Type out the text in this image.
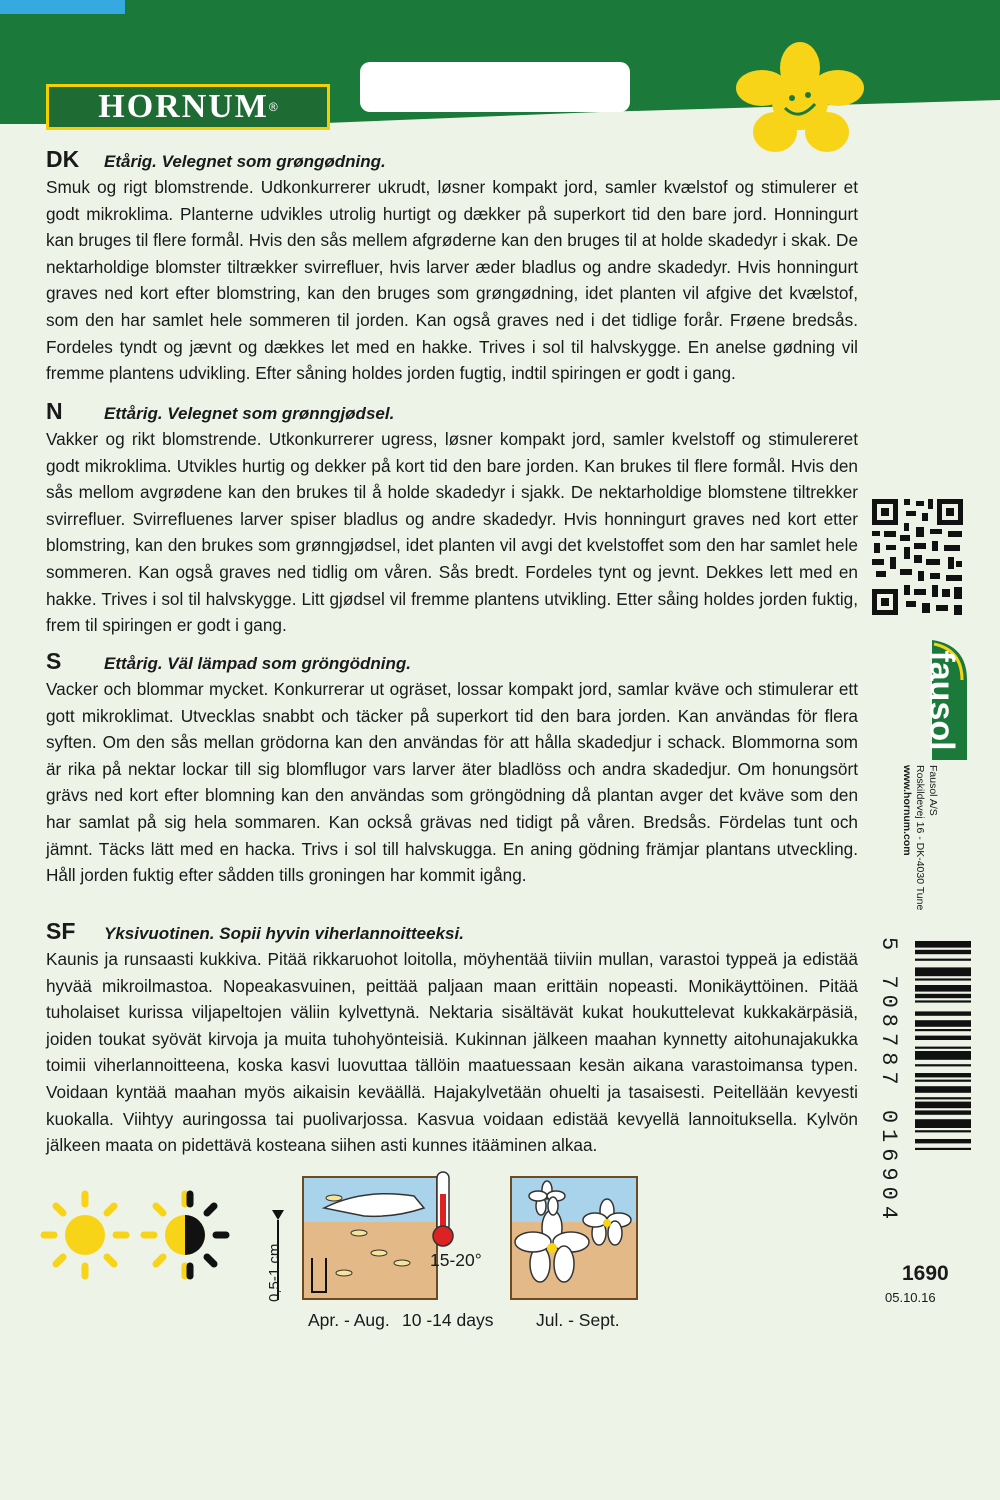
HORNUM ®
DK	Etårig. Velegnet som grøngødning.
Smuk og rigt blomstrende. Udkonkurrerer ukrudt, løsner kompakt jord, samler kvælstof og stimulerer et godt mikroklima. Planterne udvikles utrolig hurtigt og dækker på superkort tid den bare jord. Honningurt kan bruges til flere formål. Hvis den sås mellem afgrøderne kan den bruges til at holde skadedyr i skak. De nektarholdige blomster tiltrækker svirrefluer, hvis larver æder bladlus og andre skadedyr. Hvis honningurt graves ned kort efter blomstring, kan den bruges som grøngødning, idet planten vil afgive det kvælstof, som den har samlet hele sommeren til jorden. Kan også graves ned i det tidlige forår. Frøene bredsås. Fordeles tyndt og jævnt og dækkes let med en hakke. Trives i sol til halvskygge. En anelse gødning vil fremme plantens udvikling. Efter såning holdes jorden fugtig, indtil spiringen er godt i gang.
N	Ettårig. Velegnet som grønngjødsel.
Vakker og rikt blomstrende. Utkonkurrerer ugress, løsner kompakt jord, samler kvelstoff og stimulereret godt mikroklima. Utvikles hurtig og dekker på kort tid den bare jorden. Kan brukes til flere formål. Hvis den sås mellom avgrødene kan den brukes til å holde skadedyr i sjakk. De nektarholdige blomstene tiltrekker svirrefluer. Svirrefluenes larver spiser bladlus og andre skadedyr. Hvis honningurt graves ned kort etter blomstring, kan den brukes som grønngjødsel, idet planten vil avgi det kvelstoffet som den har samlet hele sommeren. Kan også graves ned tidlig om våren. Sås bredt. Fordeles tynt og jevnt. Dekkes lett med en hakke. Trives i sol til halvskygge. Litt gjødsel vil fremme plantens utvikling. Etter såing holdes jorden fuktig, frem til spiringen er godt i gang.
S	Ettårig. Väl lämpad som gröngödning.
Vacker och blommar mycket. Konkurrerar ut ogräset, lossar kompakt jord, samlar kväve och stimulerar ett gott mikroklimat. Utvecklas snabbt och täcker på superkort tid den bara jorden. Kan användas för flera syften. Om den sås mellan grödorna kan den användas för att hålla skadedjur i schack. Blommorna som är rika på nektar lockar till sig blomflugor vars larver äter bladlöss och andra skadedjur. Om honungsört grävs ned kort efter blomning kan den användas som gröngödning då plantan avger det kväve som den har samlat på sig hela sommaren. Kan också grävas ned tidigt på våren. Bredsås. Fördelas tunt och jämnt. Täcks lätt med en hacka. Trivs i sol till halvskugga. En aning gödning främjar plantans utveckling. Håll jorden fuktig efter sådden tills groningen har kommit igång.
SF	Yksivuotinen. Sopii hyvin viherlannoitteeksi.
Kaunis ja runsaasti kukkiva. Pitää rikkaruohot loitolla, möyhentää tiiviin mullan, varastoi typpeä ja edistää hyvää mikroilmastoa. Nopeakasvuinen, peittää paljaan maan erittäin nopeasti. Monikäyttöinen. Pitää tuholaiset kurissa viljapeltojen väliin kylvettynä. Nektaria sisältävät kukat houkuttelevat kukkakärpäsiä, joiden toukat syövät kirvoja ja muita tuhohyönteisiä. Kukinnan jälkeen maahan kynnetty aitohunajakukka toimii viherlannoitteena, koska kasvi luovuttaa tällöin maatuessaan kesän aikana varastoimansa typen. Voidaan kyntää maahan myös aikaisin keväällä. Hajakylvetään ohuelti ja tasaisesti. Peitellään kevyesti kuokalla. Viihtyy auringossa tai puolivarjossa. Kasvua voidaan edistää kevyellä lannoituksella. Kylvön jälkeen maata on pidettävä kosteana siihen asti kunnes itääminen alkaa.
fausol
Fausol A/S
Roskildevej 16 - DK-4030 Tune
www.hornum.com
5 708787 016904
1690
05.10.16
0,5-1 cm	15-20°
Apr. - Aug. 10 -14 days Jul. - Sept.
